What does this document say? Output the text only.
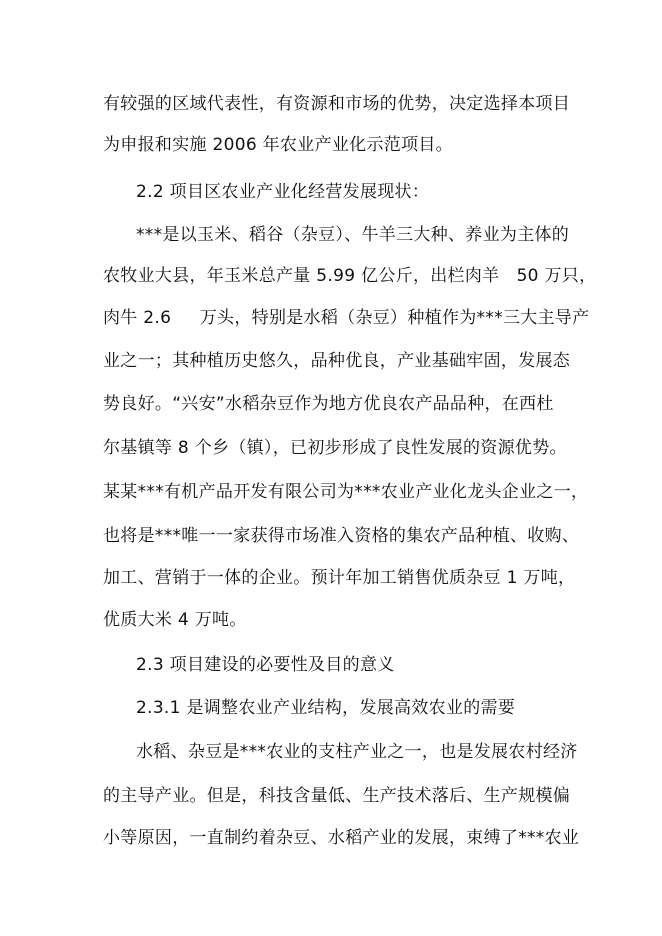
有较强的区域代表性，有资源和市场的优势，决定选择本项目
为申报和实施 2006 年农业产业化示范项目。
2.2 项目区农业产业化经营发展现状：
***是以玉米、稻谷（杂豆）、牛羊三大种、养业为主体的
农牧业大县，年玉米总产量 5.99 亿公斤，出栏肉羊   50 万只，
肉牛 2.6     万头，特别是水稻（杂豆）种植作为***三大主导产
业之一；其种植历史悠久，品种优良，产业基础牢固，发展态
势良好。“兴安”水稻杂豆作为地方优良农产品品种，在西杜
尔基镇等 8 个乡（镇），已初步形成了良性发展的资源优势。
某某***有机产品开发有限公司为***农业产业化龙头企业之一，
也将是***唯一一家获得市场准入资格的集农产品种植、收购、
加工、营销于一体的企业。预计年加工销售优质杂豆 1 万吨，
优质大米 4 万吨。
2.3 项目建设的必要性及目的意义
2.3.1 是调整农业产业结构，发展高效农业的需要
水稻、杂豆是***农业的支柱产业之一，也是发展农村经济
的主导产业。但是，科技含量低、生产技术落后、生产规模偏
小等原因，一直制约着杂豆、水稻产业的发展，束缚了***农业
